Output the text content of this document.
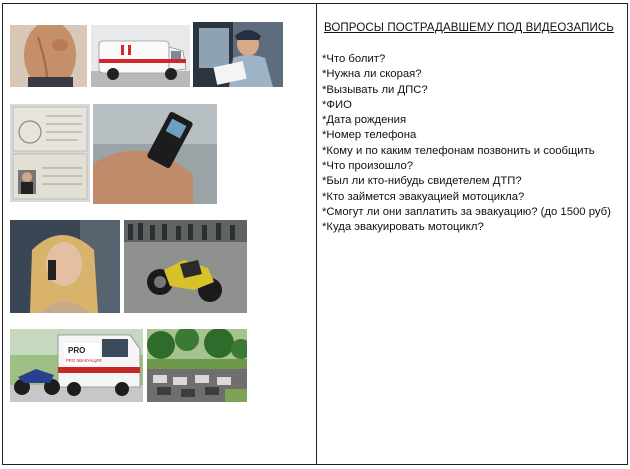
PRO
PRO ЭВАКУАЦИЯ
ВОПРОСЫ ПОСТРАДАВШЕМУ ПОД ВИДЕОЗАПИСЬ
*Что болит?
*Нужна ли скорая?
*Вызывать ли ДПС?
*ФИО
*Дата рождения
*Номер телефона
*Кому и по каким телефонам позвонить и сообщить
*Что произошло?
*Был ли кто-нибудь свидетелем ДТП?
*Кто займется эвакуацией мотоцикла?
*Смогут ли они заплатить за эвакуацию? (до 1500 руб)
*Куда эвакуировать мотоцикл?
